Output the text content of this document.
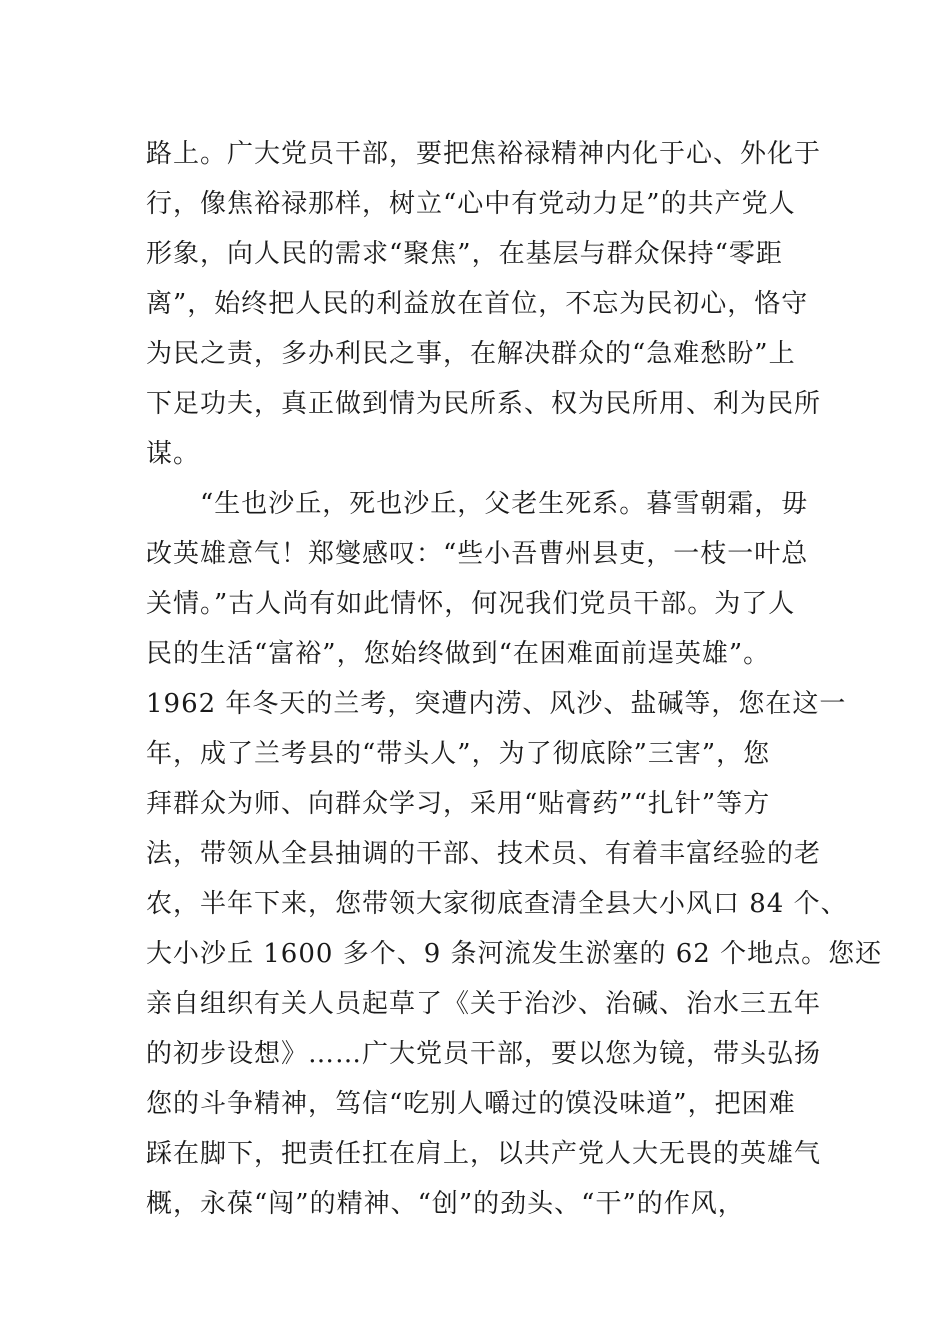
路上。广大党员干部，要把焦裕禄精神内化于心、外化于
行，像焦裕禄那样，树立“心中有党动力足”的共产党人
形象，向人民的需求“聚焦”，在基层与群众保持“零距
离”，始终把人民的利益放在首位，不忘为民初心，恪守
为民之责，多办利民之事，在解决群众的“急难愁盼”上
下足功夫，真正做到情为民所系、权为民所用、利为民所
谋。
　　“生也沙丘，死也沙丘，父老生死系。暮雪朝霜，毋
改英雄意气！郑燮感叹：“些小吾曹州县吏，一枝一叶总
关情。”古人尚有如此情怀，何况我们党员干部。为了人
民的生活“富裕”，您始终做到“在困难面前逞英雄”。
1962 年冬天的兰考，突遭内涝、风沙、盐碱等，您在这一
年，成了兰考县的“带头人”，为了彻底除”三害”，您
拜群众为师、向群众学习，采用“贴膏药”“扎针”等方
法，带领从全县抽调的干部、技术员、有着丰富经验的老
农，半年下来，您带领大家彻底查清全县大小风口 84 个、
大小沙丘 1600 多个、9 条河流发生淤塞的 62 个地点。您还
亲自组织有关人员起草了《关于治沙、治碱、治水三五年
的初步设想》……广大党员干部，要以您为镜，带头弘扬
您的斗争精神，笃信“吃别人嚼过的馍没味道”，把困难
踩在脚下，把责任扛在肩上，以共产党人大无畏的英雄气
概，永葆“闯”的精神、“创”的劲头、“干”的作风，
